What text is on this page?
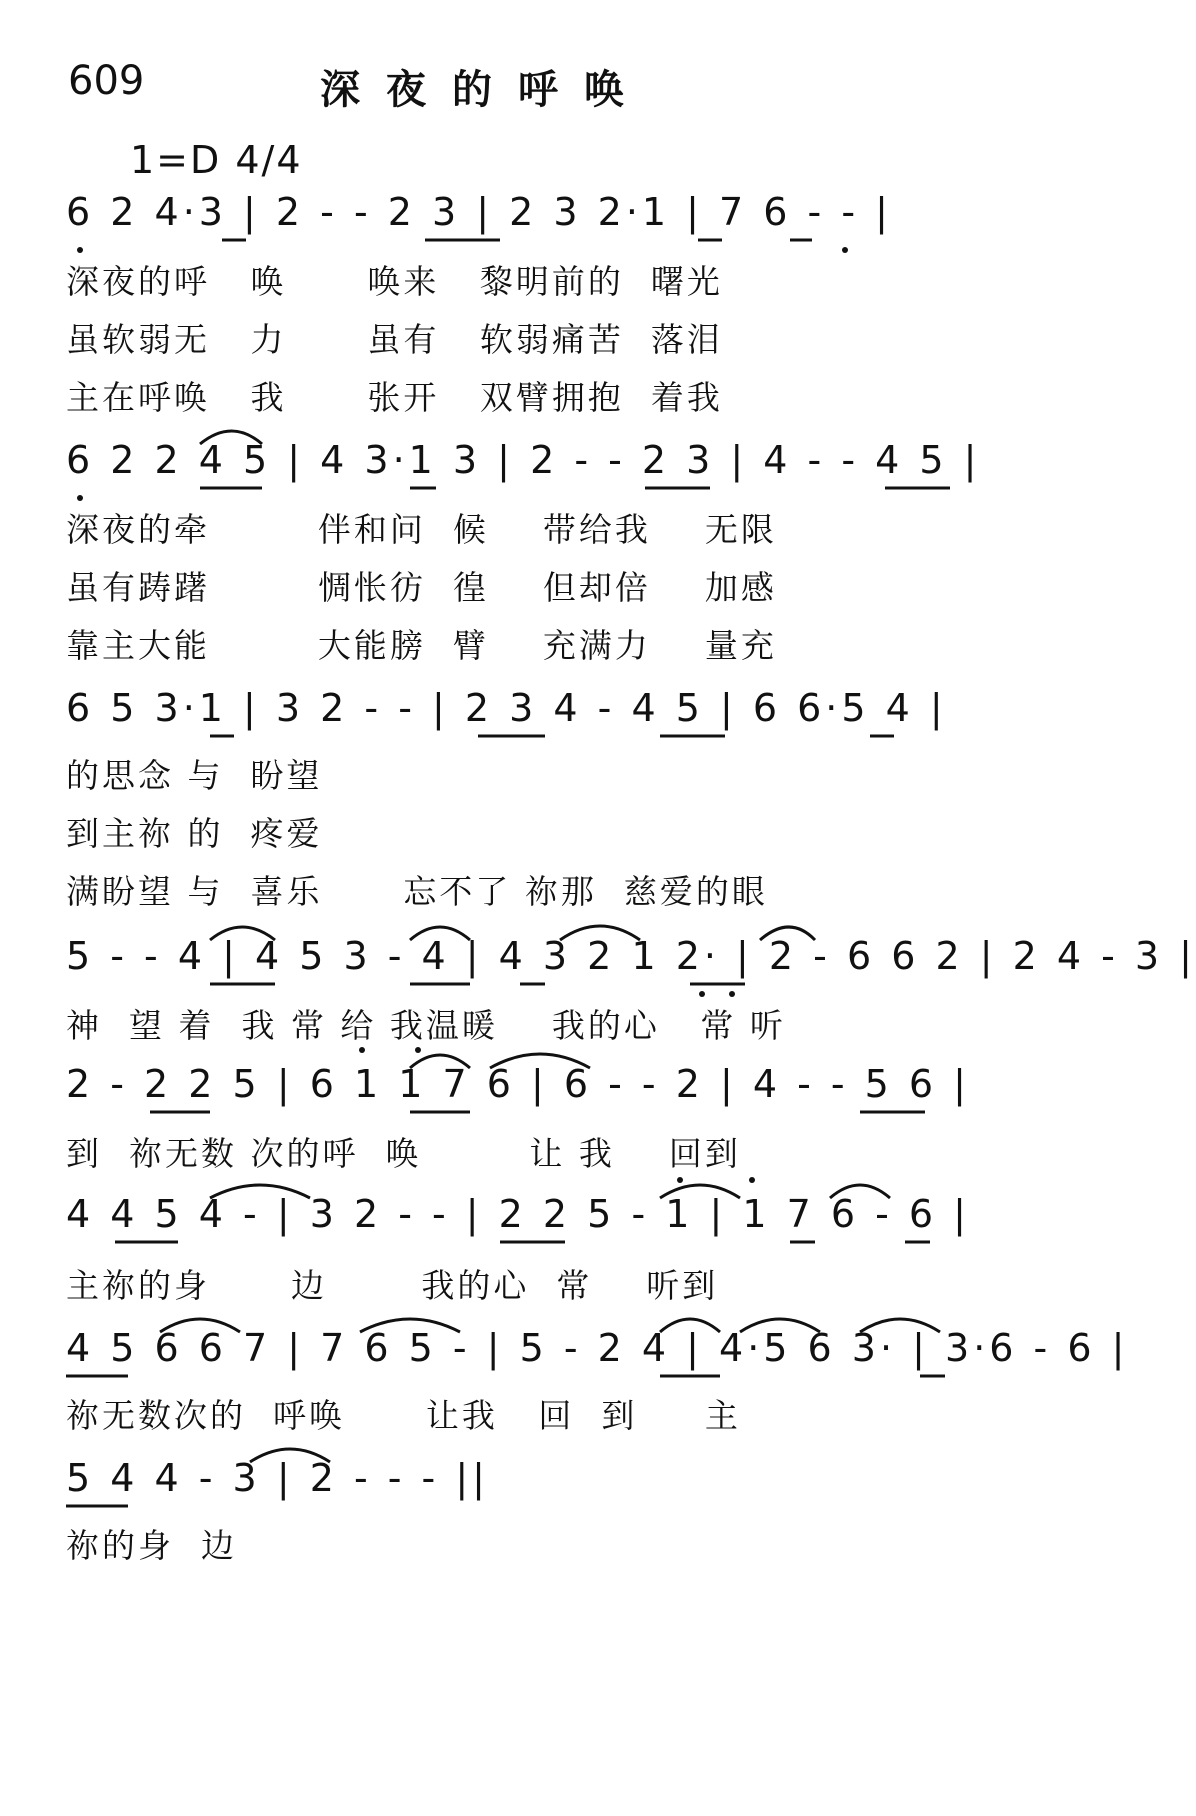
609	深夜的呼唤
1=D 4/4
6 2 4·3 | 2 - - 2 3 | 2 3 2·1 | 7 6 - - |
深夜的呼   唤      唤来   黎明前的  曙光
虽软弱无   力      虽有   软弱痛苦  落泪
主在呼唤   我      张开   双臂拥抱  着我
6 2 2 4 5 | 4 3·1 3 | 2 - - 2 3 | 4 - - 4 5 |
深夜的牵        伴和问  候    带给我    无限
虽有踌躇        惆怅彷  徨    但却倍    加感
靠主大能        大能膀  臂    充满力    量充
6 5 3·1 | 3 2 - - | 2 3 4 - 4 5 | 6 6·5 4 |
的思念 与  盼望
到主祢 的  疼爱
满盼望 与  喜乐      忘不了 祢那  慈爱的眼
5 - - 4 | 4 5 3 - 4 | 4 3 2 1 2· | 2 - 6 6 2 | 2 4 - 3 |
神  望 着  我 常 给 我温暖    我的心   常 听
2 - 2 2 5 | 6 1 1 7 6 | 6 - - 2 | 4 - - 5 6 |
到  祢无数 次的呼  唤        让 我    回到
4 4 5 4 - | 3 2 - - | 2 2 5 - 1 | 1 7 6 - 6 |
主祢的身      边       我的心  常    听到
4 5 6 6 7 | 7 6 5 - | 5 - 2 4 | 4·5 6 3· | 3·6 - 6 |
祢无数次的  呼唤      让我   回  到     主
5 4 4 - 3 | 2 - - - ||
祢的身  边
